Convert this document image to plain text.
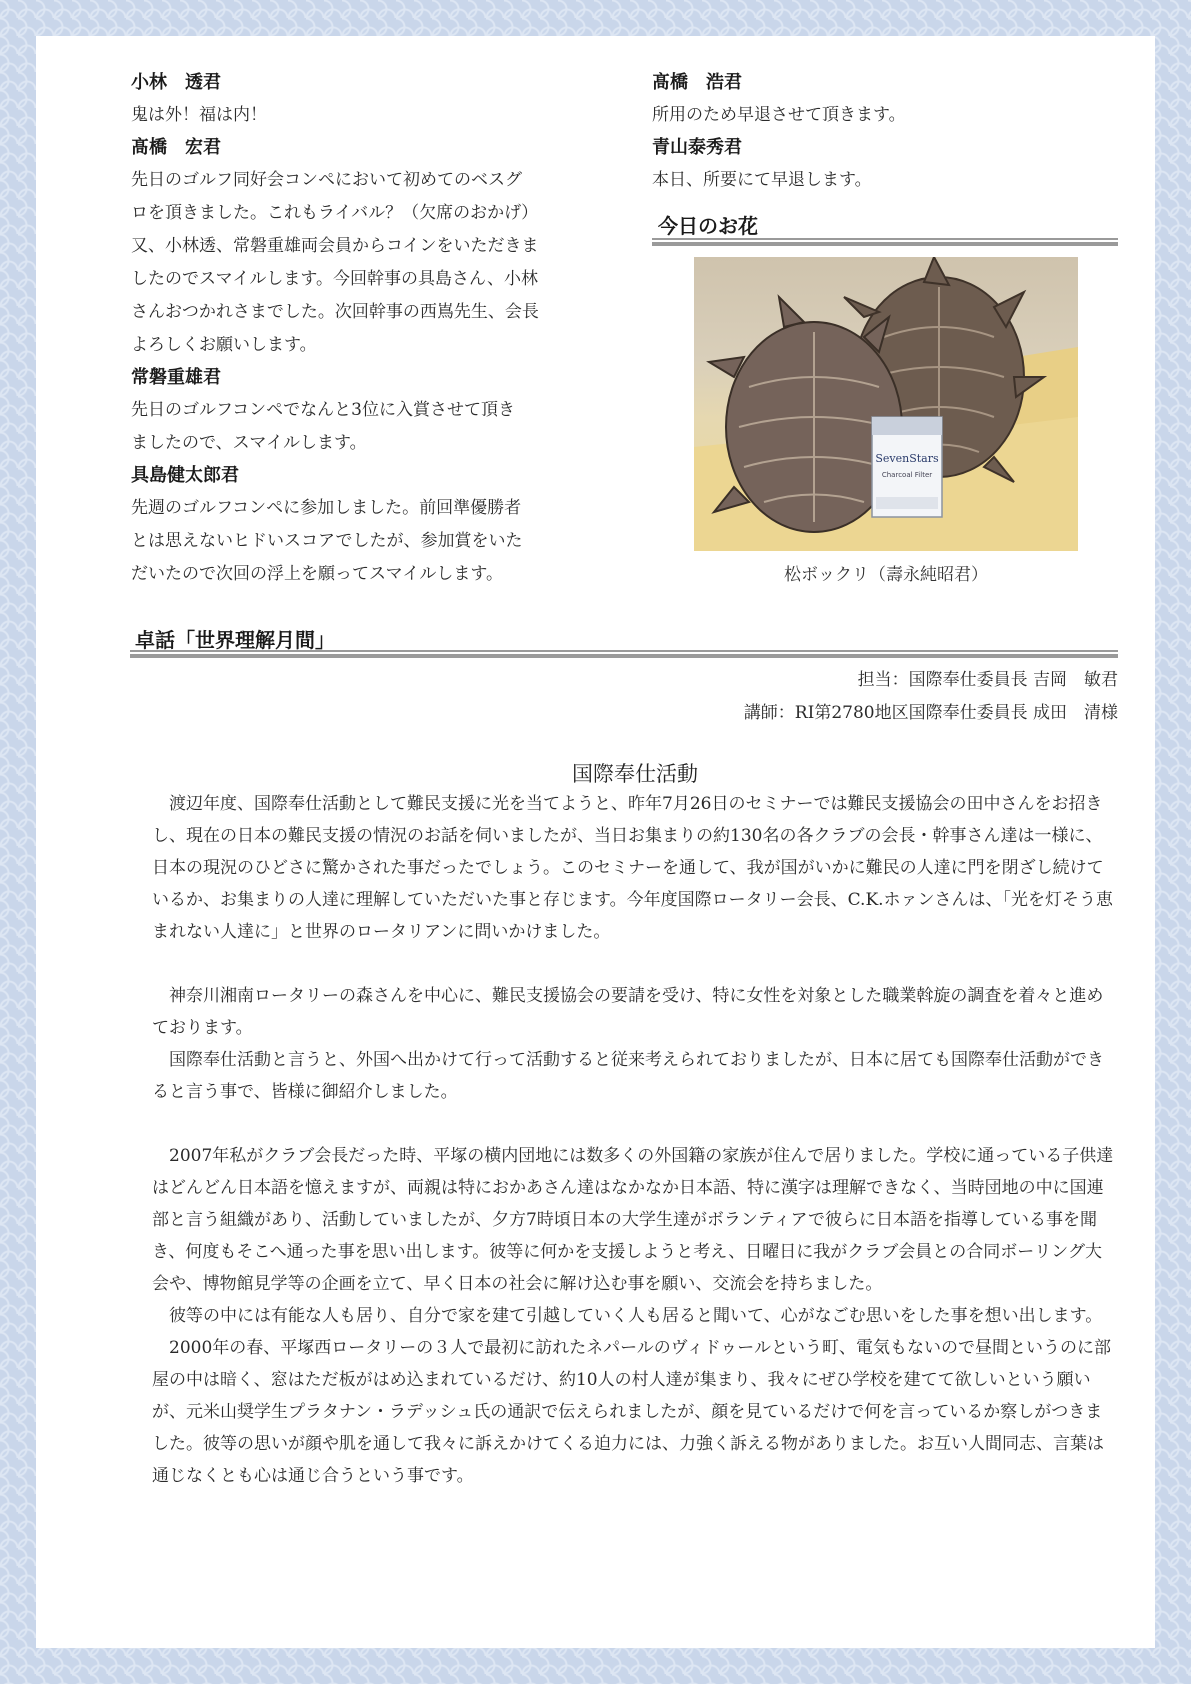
小林　透君
鬼は外！福は内！
髙橋　宏君
先日のゴルフ同好会コンペにおいて初めてのベスグ
ロを頂きました。これもライバル？（欠席のおかげ）
又、小林透、常磐重雄両会員からコインをいただきま
したのでスマイルします。今回幹事の具島さん、小林
さんおつかれさまでした。次回幹事の西嶌先生、会長
よろしくお願いします。
常磐重雄君
先日のゴルフコンペでなんと3位に入賞させて頂き
ましたので、スマイルします。
具島健太郎君
先週のゴルフコンペに参加しました。前回準優勝者
とは思えないヒドいスコアでしたが、参加賞をいた
だいたので次回の浮上を願ってスマイルします。
髙橋　浩君
所用のため早退させて頂きます。
青山泰秀君
本日、所要にて早退します。
今日のお花
SevenStars
Charcoal Filter
松ボックリ（壽永純昭君）
卓話「世界理解月間」
担当：国際奉仕委員長 吉岡　敏君
講師：RI第2780地区国際奉仕委員長 成田　清様
国際奉仕活動

渡辺年度、国際奉仕活動として難民支援に光を当てようと、昨年7月26日のセミナーでは難民支援協会の田中さんをお招きし、現在の日本の難民支援の情況のお話を伺いましたが、当日お集まりの約130名の各クラブの会長・幹事さん達は一様に、日本の現況のひどさに驚かされた事だったでしょう。このセミナーを通して、我が国がいかに難民の人達に門を閉ざし続けているか、お集まりの人達に理解していただいた事と存じます。今年度国際ロータリー会長、C.K.ホァンさんは、「光を灯そう恵まれない人達に」と世界のロータリアンに問いかけました。

神奈川湘南ロータリーの森さんを中心に、難民支援協会の要請を受け、特に女性を対象とした職業斡旋の調査を着々と進めております。

国際奉仕活動と言うと、外国へ出かけて行って活動すると従来考えられておりましたが、日本に居ても国際奉仕活動ができると言う事で、皆様に御紹介しました。

2007年私がクラブ会長だった時、平塚の横内団地には数多くの外国籍の家族が住んで居りました。学校に通っている子供達はどんどん日本語を憶えますが、両親は特におかあさん達はなかなか日本語、特に漢字は理解できなく、当時団地の中に国連部と言う組織があり、活動していましたが、夕方7時頃日本の大学生達がボランティアで彼らに日本語を指導している事を聞き、何度もそこへ通った事を思い出します。彼等に何かを支援しようと考え、日曜日に我がクラブ会員との合同ボーリング大会や、博物館見学等の企画を立て、早く日本の社会に解け込む事を願い、交流会を持ちました。

彼等の中には有能な人も居り、自分で家を建て引越していく人も居ると聞いて、心がなごむ思いをした事を想い出します。

2000年の春、平塚西ロータリーの３人で最初に訪れたネパールのヴィドゥールという町、電気もないので昼間というのに部屋の中は暗く、窓はただ板がはめ込まれているだけ、約10人の村人達が集まり、我々にぜひ学校を建てて欲しいという願いが、元米山奨学生プラタナン・ラデッシュ氏の通訳で伝えられましたが、顔を見ているだけで何を言っているか察しがつきました。彼等の思いが顔や肌を通して我々に訴えかけてくる迫力には、力強く訴える物がありました。お互い人間同志、言葉は通じなくとも心は通じ合うという事です。
